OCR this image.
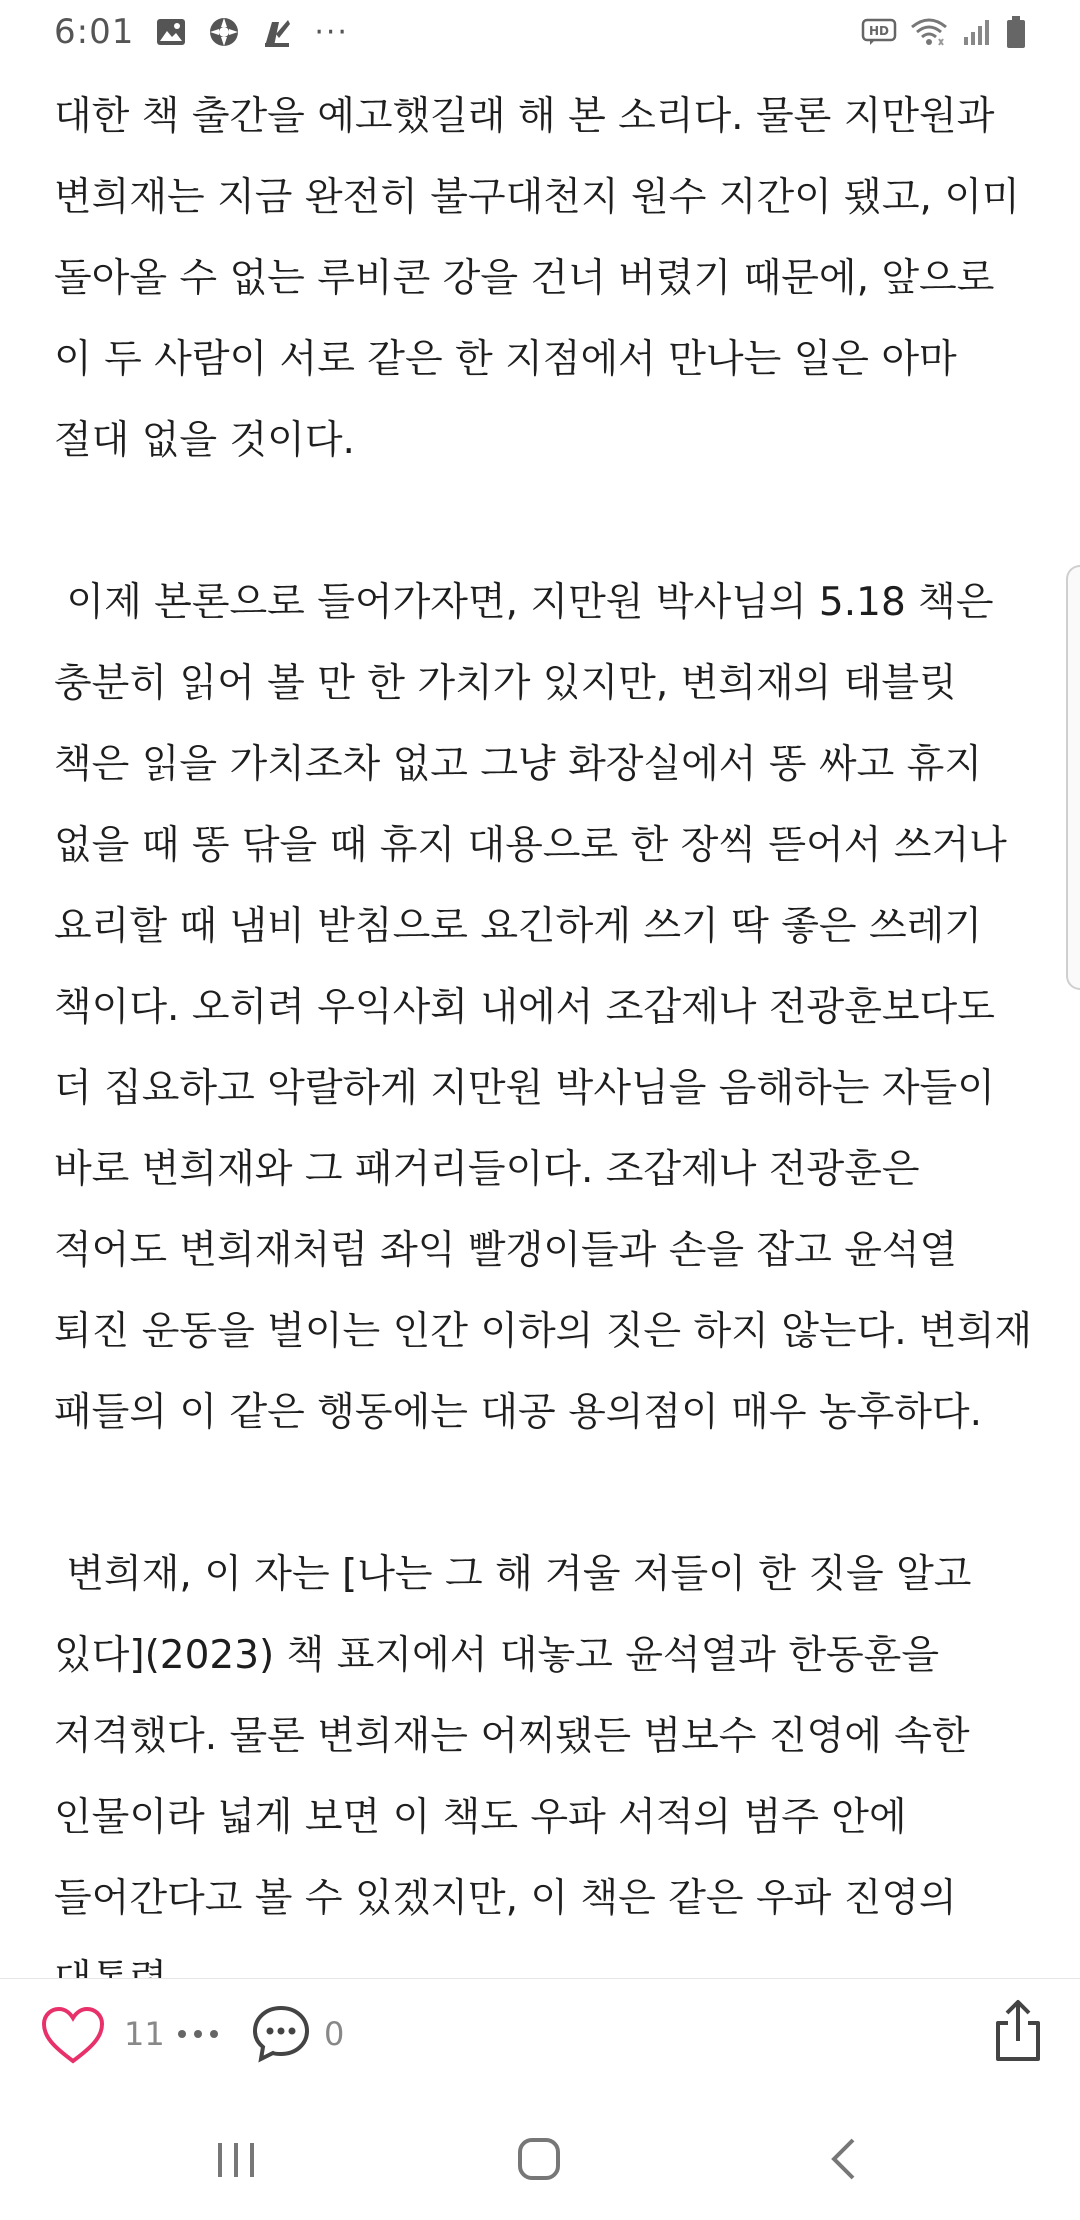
6:01	···	HD

대한 책 출간을 예고했길래 해 본 소리다. 물론 지만원과 변희재는 지금 완전히 불구대천지 원수 지간이 됐고, 이미 돌아올 수 없는 루비콘 강을 건너 버렸기 때문에, 앞으로 이 두 사람이 서로 같은 한 지점에서 만나는 일은 아마 절대 없을 것이다.

이제 본론으로 들어가자면, 지만원 박사님의 5.18 책은 충분히 읽어 볼 만 한 가치가 있지만, 변희재의 태블릿 책은 읽을 가치조차 없고 그냥 화장실에서 똥 싸고 휴지 없을 때 똥 닦을 때 휴지 대용으로 한 장씩 뜯어서 쓰거나 요리할 때 냄비 받침으로 요긴하게 쓰기 딱 좋은 쓰레기 책이다. 오히려 우익사회 내에서 조갑제나 전광훈보다도 더 집요하고 악랄하게 지만원 박사님을 음해하는 자들이 바로 변희재와 그 패거리들이다. 조갑제나 전광훈은 적어도 변희재처럼 좌익 빨갱이들과 손을 잡고 윤석열 퇴진 운동을 벌이는 인간 이하의 짓은 하지 않는다. 변희재 패들의 이 같은 행동에는 대공 용의점이 매우 농후하다.

변희재, 이 자는 [나는 그 해 겨울 저들이 한 짓을 알고 있다](2023) 책 표지에서 대놓고 윤석열과 한동훈을 저격했다. 물론 변희재는 어찌됐든 범보수 진영에 속한 인물이라 넓게 보면 이 책도 우파 서적의 범주 안에 들어간다고 볼 수 있겠지만, 이 책은 같은 우파 진영의

11	0
